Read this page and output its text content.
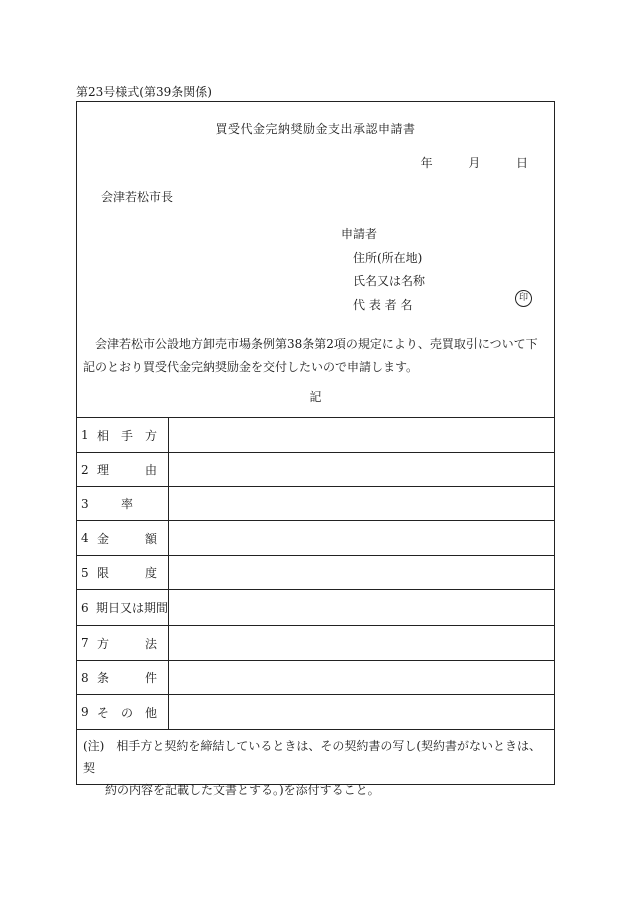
第23号様式(第39条関係)
買受代金完納奨励金支出承認申請書
年	月	日
会津若松市長
申請者
住所(所在地)
氏名又は名称
代 表 者 名	印
会津若松市公設地方卸売市場条例第38条第2項の規定により、売買取引について下記のとおり買受代金完納奨励金を交付したいので申請します。
記
1 相　手　方
2 理　　　由
3 　　率
4 金　　　額
5 限　　　度
6 期日又は期間
7 方　　　法
8 条　　　件
9 そ　の　他
(注)　相手方と契約を締結しているときは、その契約書の写し(契約書がないときは、契
約の内容を記載した文書とする。)を添付すること。
